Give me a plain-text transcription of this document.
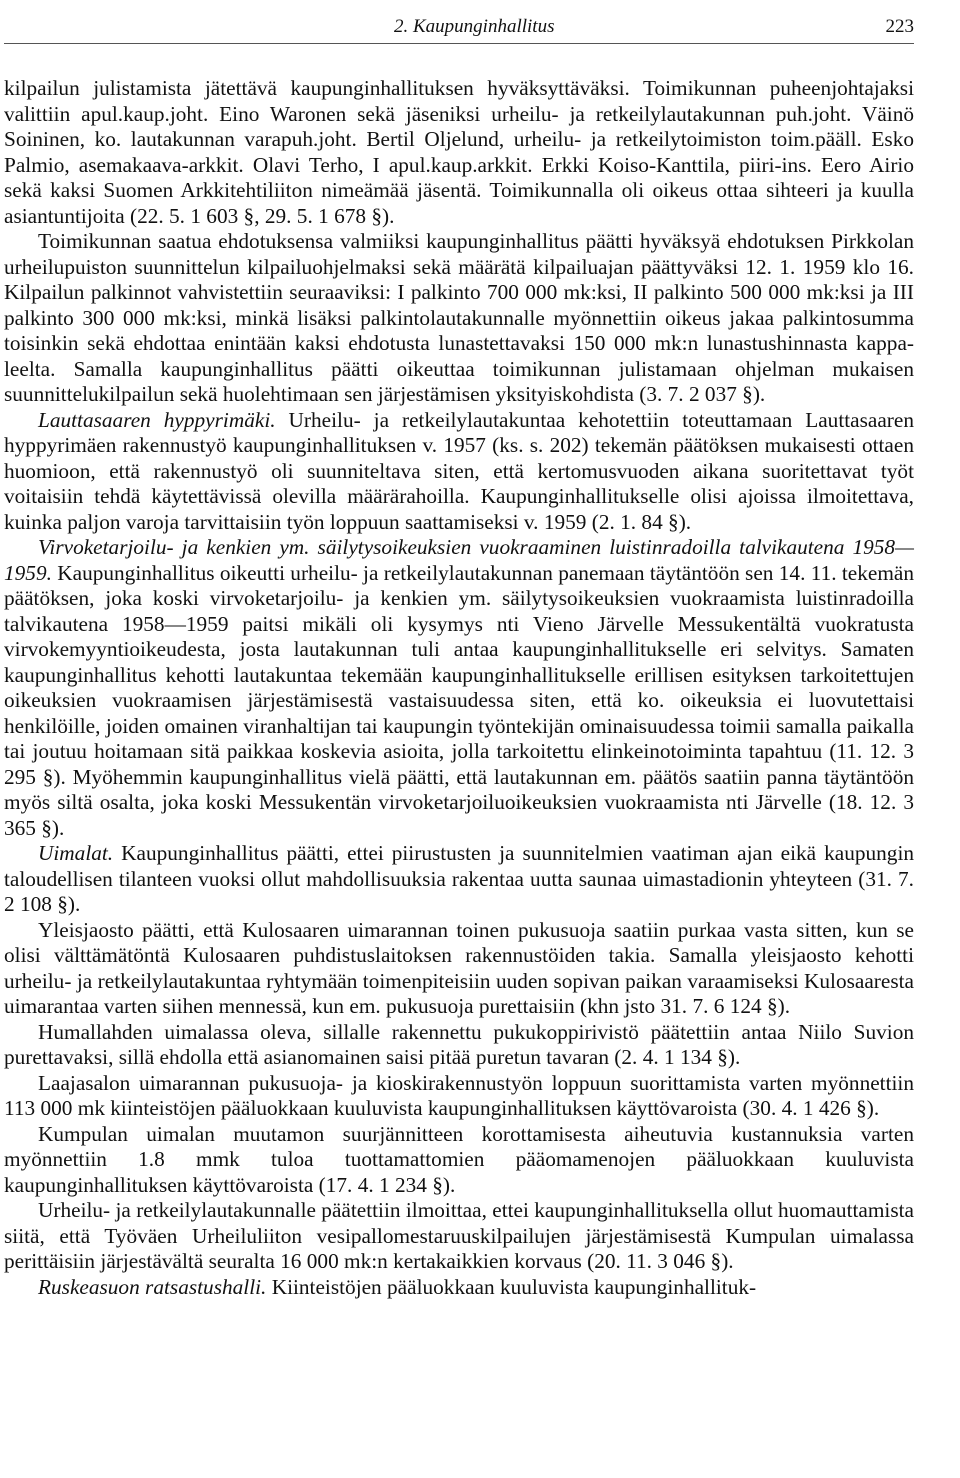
2. Kaupunginhallitus	223

kilpailun julistamista jätettävä kaupunginhallituksen hyväksyttäväksi. Toimikunnan puheenjohtajaksi valittiin apul.kaup.joht. Eino Waronen sekä jäseniksi urheilu- ja retkeilylautakunnan puh.joht. Väinö Soininen, ko. lautakunnan varapuh.joht. Bertil Oljelund, urheilu- ja retkeilytoimiston toim.pääll. Esko Palmio, asemakaava-arkkit. Olavi Terho, I apul.kaup.arkkit. Erkki Koiso-Kanttila, piiri-ins. Eero Airio sekä kaksi Suomen Arkkitehtiliiton nimeämää jäsentä. Toimikunnalla oli oikeus ottaa sihteeri ja kuulla asiantuntijoita (22. 5. 1 603 §, 29. 5. 1 678 §).

Toimikunnan saatua ehdotuksensa valmiiksi kaupunginhallitus päätti hyväksyä ehdotuksen Pirkkolan urheilupuiston suunnittelun kilpailuohjelmaksi sekä määrätä kilpailuajan päättyväksi 12. 1. 1959 klo 16. Kilpailun palkinnot vahvistettiin seuraaviksi: I palkinto 700 000 mk:ksi, II palkinto 500 000 mk:ksi ja III palkinto 300 000 mk:ksi, minkä lisäksi palkintolautakunnalle myönnettiin oikeus jakaa palkintosumma toisinkin sekä ehdottaa enintään kaksi ehdotusta lunastettavaksi 150 000 mk:n lunastushinnasta kappaleelta. Samalla kaupunginhallitus päätti oikeuttaa toimikunnan julistamaan ohjelman mukaisen suunnittelukilpailun sekä huolehtimaan sen järjestämisen yksityiskohdista (3. 7. 2 037 §).

Lauttasaaren hyppyrimäki. Urheilu- ja retkeilylautakuntaa kehotettiin toteuttamaan Lauttasaaren hyppyrimäen rakennustyö kaupunginhallituksen v. 1957 (ks. s. 202) tekemän päätöksen mukaisesti ottaen huomioon, että rakennustyö oli suunniteltava siten, että kertomusvuoden aikana suoritettavat työt voitaisiin tehdä käytettävissä olevilla määrärahoilla. Kaupunginhallitukselle olisi ajoissa ilmoitettava, kuinka paljon varoja tarvittaisiin työn loppuun saattamiseksi v. 1959 (2. 1. 84 §).

Virvoketarjoilu- ja kenkien ym. säilytysoikeuksien vuokraaminen luistinradoilla talvikautena 1958—1959. Kaupunginhallitus oikeutti urheilu- ja retkeilylautakunnan panemaan täytäntöön sen 14. 11. tekemän päätöksen, joka koski virvoketarjoilu- ja kenkien ym. säilytysoikeuksien vuokraamista luistinradoilla talvikautena 1958—1959 paitsi mikäli oli kysymys nti Vieno Järvelle Messukentältä vuokratusta virvokemyyntioikeudesta, josta lautakunnan tuli antaa kaupunginhallitukselle eri selvitys. Samaten kaupunginhallitus kehotti lautakuntaa tekemään kaupunginhallitukselle erillisen esityksen tarkoitettujen oikeuksien vuokraamisen järjestämisestä vastaisuudessa siten, että ko. oikeuksia ei luovutettaisi henkilöille, joiden omainen viranhaltijan tai kaupungin työntekijän ominaisuudessa toimii samalla paikalla tai joutuu hoitamaan sitä paikkaa koskevia asioita, jolla tarkoitettu elinkeinotoiminta tapahtuu (11. 12. 3 295 §). Myöhemmin kaupunginhallitus vielä päätti, että lautakunnan em. päätös saatiin panna täytäntöön myös siltä osalta, joka koski Messukentän virvoketarjoiluoikeuksien vuokraamista nti Järvelle (18. 12. 3 365 §).

Uimalat. Kaupunginhallitus päätti, ettei piirustusten ja suunnitelmien vaatiman ajan eikä kaupungin taloudellisen tilanteen vuoksi ollut mahdollisuuksia rakentaa uutta saunaa uimastadionin yhteyteen (31. 7. 2 108 §).

Yleisjaosto päätti, että Kulosaaren uimarannan toinen pukusuoja saatiin purkaa vasta sitten, kun se olisi välttämätöntä Kulosaaren puhdistuslaitoksen rakennustöiden takia. Samalla yleisjaosto kehotti urheilu- ja retkeilylautakuntaa ryhtymään toimenpiteisiin uuden sopivan paikan varaamiseksi Kulosaaresta uimarantaa varten siihen mennessä, kun em. pukusuoja purettaisiin (khn jsto 31. 7. 6 124 §).

Humallahden uimalassa oleva, sillalle rakennettu pukukoppirivistö päätettiin antaa Niilo Suvion purettavaksi, sillä ehdolla että asianomainen saisi pitää puretun tavaran (2. 4. 1 134 §).

Laajasalon uimarannan pukusuoja- ja kioskirakennustyön loppuun suorittamista varten myönnettiin 113 000 mk kiinteistöjen pääluokkaan kuuluvista kaupunginhallituksen käyttövaroista (30. 4. 1 426 §).

Kumpulan uimalan muutamon suurjännitteen korottamisesta aiheutuvia kustannuksia varten myönnettiin 1.8 mmk tuloa tuottamattomien pääomamenojen pääluokkaan kuuluvista kaupunginhallituksen käyttövaroista (17. 4. 1 234 §).

Urheilu- ja retkeilylautakunnalle päätettiin ilmoittaa, ettei kaupunginhallituksella ollut huomauttamista siitä, että Työväen Urheiluliiton vesipallomestaruuskilpailujen järjestämisestä Kumpulan uimalassa perittäisiin järjestävältä seuralta 16 000 mk:n kertakaikkien korvaus (20. 11. 3 046 §).

Ruskeasuon ratsastushalli. Kiinteistöjen pääluokkaan kuuluvista kaupunginhallituk-
